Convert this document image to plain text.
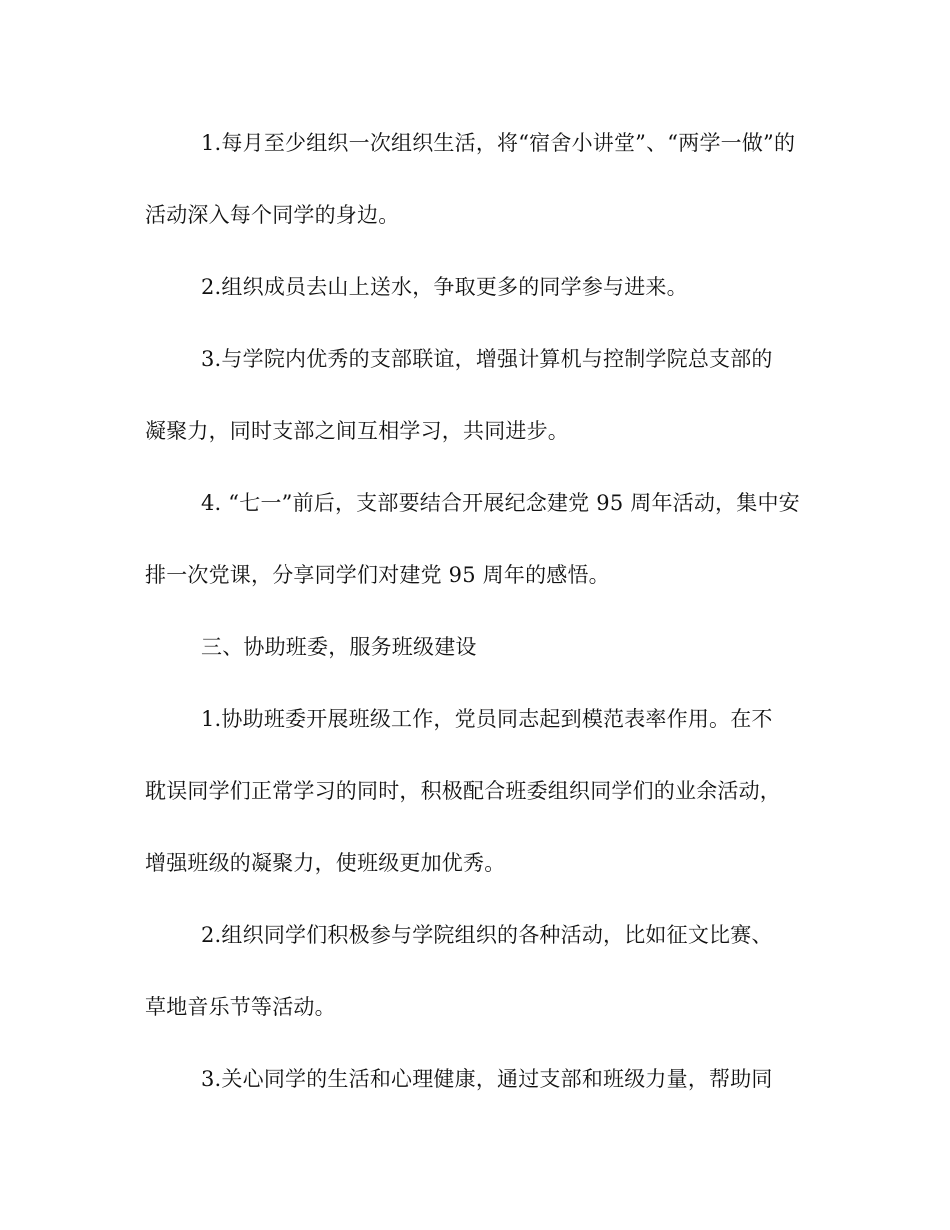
1.每月至少组织一次组织生活，将“宿舍小讲堂”、“两学一做”的
活动深入每个同学的身边。
2.组织成员去山上送水，争取更多的同学参与进来。
3.与学院内优秀的支部联谊，增强计算机与控制学院总支部的
凝聚力，同时支部之间互相学习，共同进步。
4. “七一”前后，支部要结合开展纪念建党 95 周年活动，集中安
排一次党课，分享同学们对建党 95 周年的感悟。
三、协助班委，服务班级建设
1.协助班委开展班级工作，党员同志起到模范表率作用。在不
耽误同学们正常学习的同时，积极配合班委组织同学们的业余活动，
增强班级的凝聚力，使班级更加优秀。
2.组织同学们积极参与学院组织的各种活动，比如征文比赛、
草地音乐节等活动。
3.关心同学的生活和心理健康，通过支部和班级力量，帮助同
